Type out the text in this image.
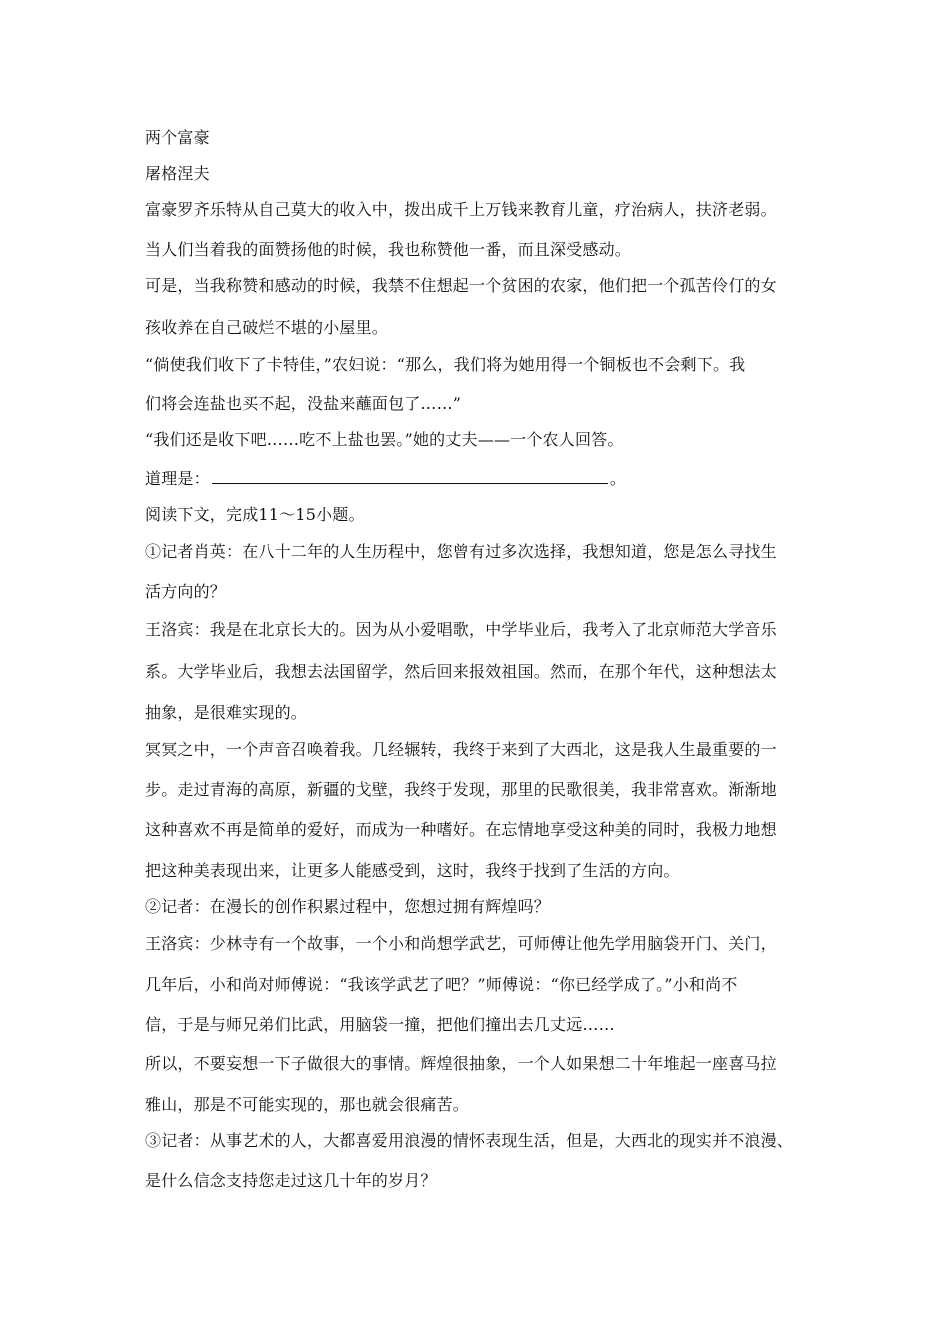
两个富豪
屠格涅夫
富豪罗齐乐特从自己莫大的收入中，拨出成千上万钱来教育儿童，疗治病人，扶济老弱。
当人们当着我的面赞扬他的时候，我也称赞他一番，而且深受感动。
可是，当我称赞和感动的时候，我禁不住想起一个贫困的农家，他们把一个孤苦伶仃的女
孩收养在自己破烂不堪的小屋里。
“倘使我们收下了卡特佳，”农妇说：“那么，我们将为她用得一个铜板也不会剩下。我
们将会连盐也买不起，没盐来蘸面包了……”
“我们还是收下吧……吃不上盐也罢。”她的丈夫——一个农人回答。
道理是：	。
阅读下文，完成11～15小题。
①记者肖英：在八十二年的人生历程中，您曾有过多次选择，我想知道，您是怎么寻找生
活方向的？
王洛宾：我是在北京长大的。因为从小爱唱歌，中学毕业后，我考入了北京师范大学音乐
系。大学毕业后，我想去法国留学，然后回来报效祖国。然而，在那个年代，这种想法太
抽象，是很难实现的。
冥冥之中，一个声音召唤着我。几经辗转，我终于来到了大西北，这是我人生最重要的一
步。走过青海的高原，新疆的戈壁，我终于发现，那里的民歌很美，我非常喜欢。渐渐地
这种喜欢不再是简单的爱好，而成为一种嗜好。在忘情地享受这种美的同时，我极力地想
把这种美表现出来，让更多人能感受到，这时，我终于找到了生活的方向。
②记者：在漫长的创作积累过程中，您想过拥有辉煌吗？
王洛宾：少林寺有一个故事，一个小和尚想学武艺，可师傅让他先学用脑袋开门、关门，
几年后，小和尚对师傅说：“我该学武艺了吧？”师傅说：“你已经学成了。”小和尚不
信，于是与师兄弟们比武，用脑袋一撞，把他们撞出去几丈远……
所以，不要妄想一下子做很大的事情。辉煌很抽象，一个人如果想二十年堆起一座喜马拉
雅山，那是不可能实现的，那也就会很痛苦。
③记者：从事艺术的人，大都喜爱用浪漫的情怀表现生活，但是，大西北的现实并不浪漫、
是什么信念支持您走过这几十年的岁月？
